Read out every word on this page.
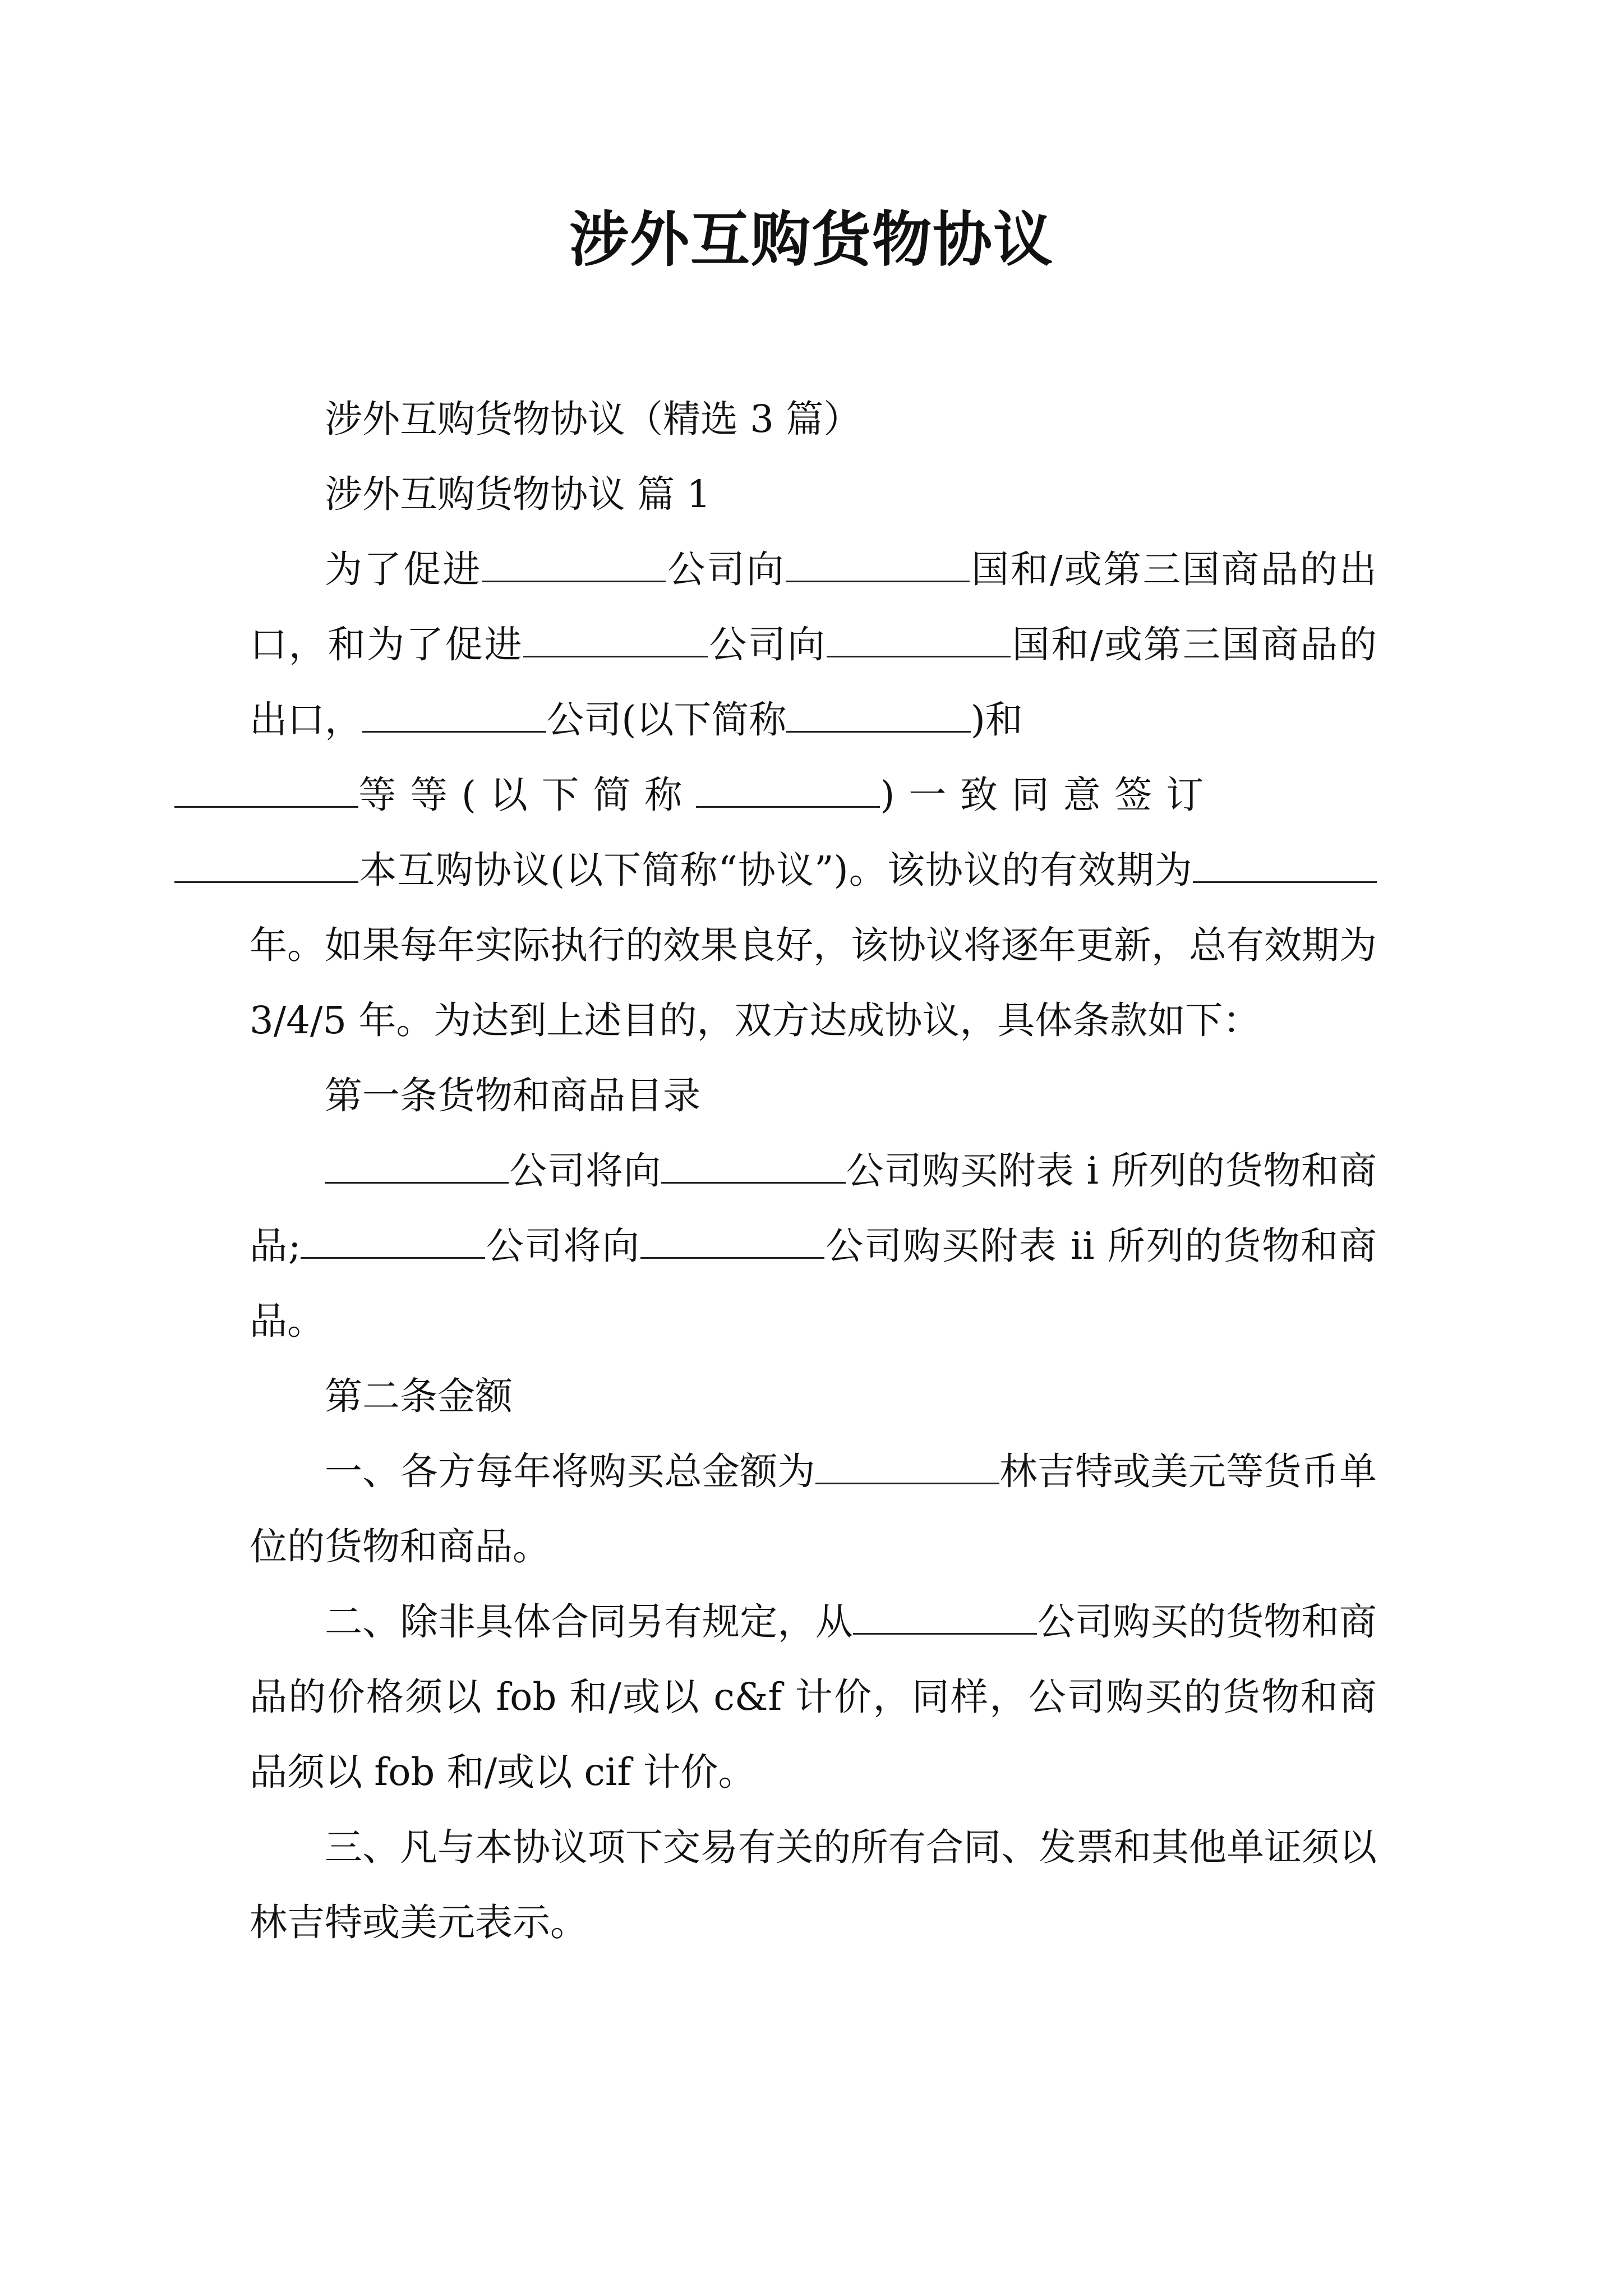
涉外互购货物协议

涉外互购货物协议（精选 3 篇）

涉外互购货物协议 篇 1

为了促进	公司向	国和/或第三国商品的出口，和为了促进	公司向	国和/或第三国商品的出口，	公司(以下简称	)和
等等(以下简称	)一致同意签订
本互购协议(以下简称“协议”)。该协议的有效期为年。如果每年实际执行的效果良好，该协议将逐年更新，总有效期为 3/4/5 年。为达到上述目的，双方达成协议，具体条款如下：

第一条货物和商品目录

公司将向	公司购买附表 i 所列的货物和商品;	公司将向	公司购买附表 ii 所列的货物和商品。

第二条金额

一、各方每年将购买总金额为	林吉特或美元等货币单位的货物和商品。

二、除非具体合同另有规定，从	公司购买的货物和商品的价格须以 fob 和/或以 c&f 计价，同样，公司购买的货物和商品须以 fob 和/或以 cif 计价。

三、凡与本协议项下交易有关的所有合同、发票和其他单证须以林吉特或美元表示。
